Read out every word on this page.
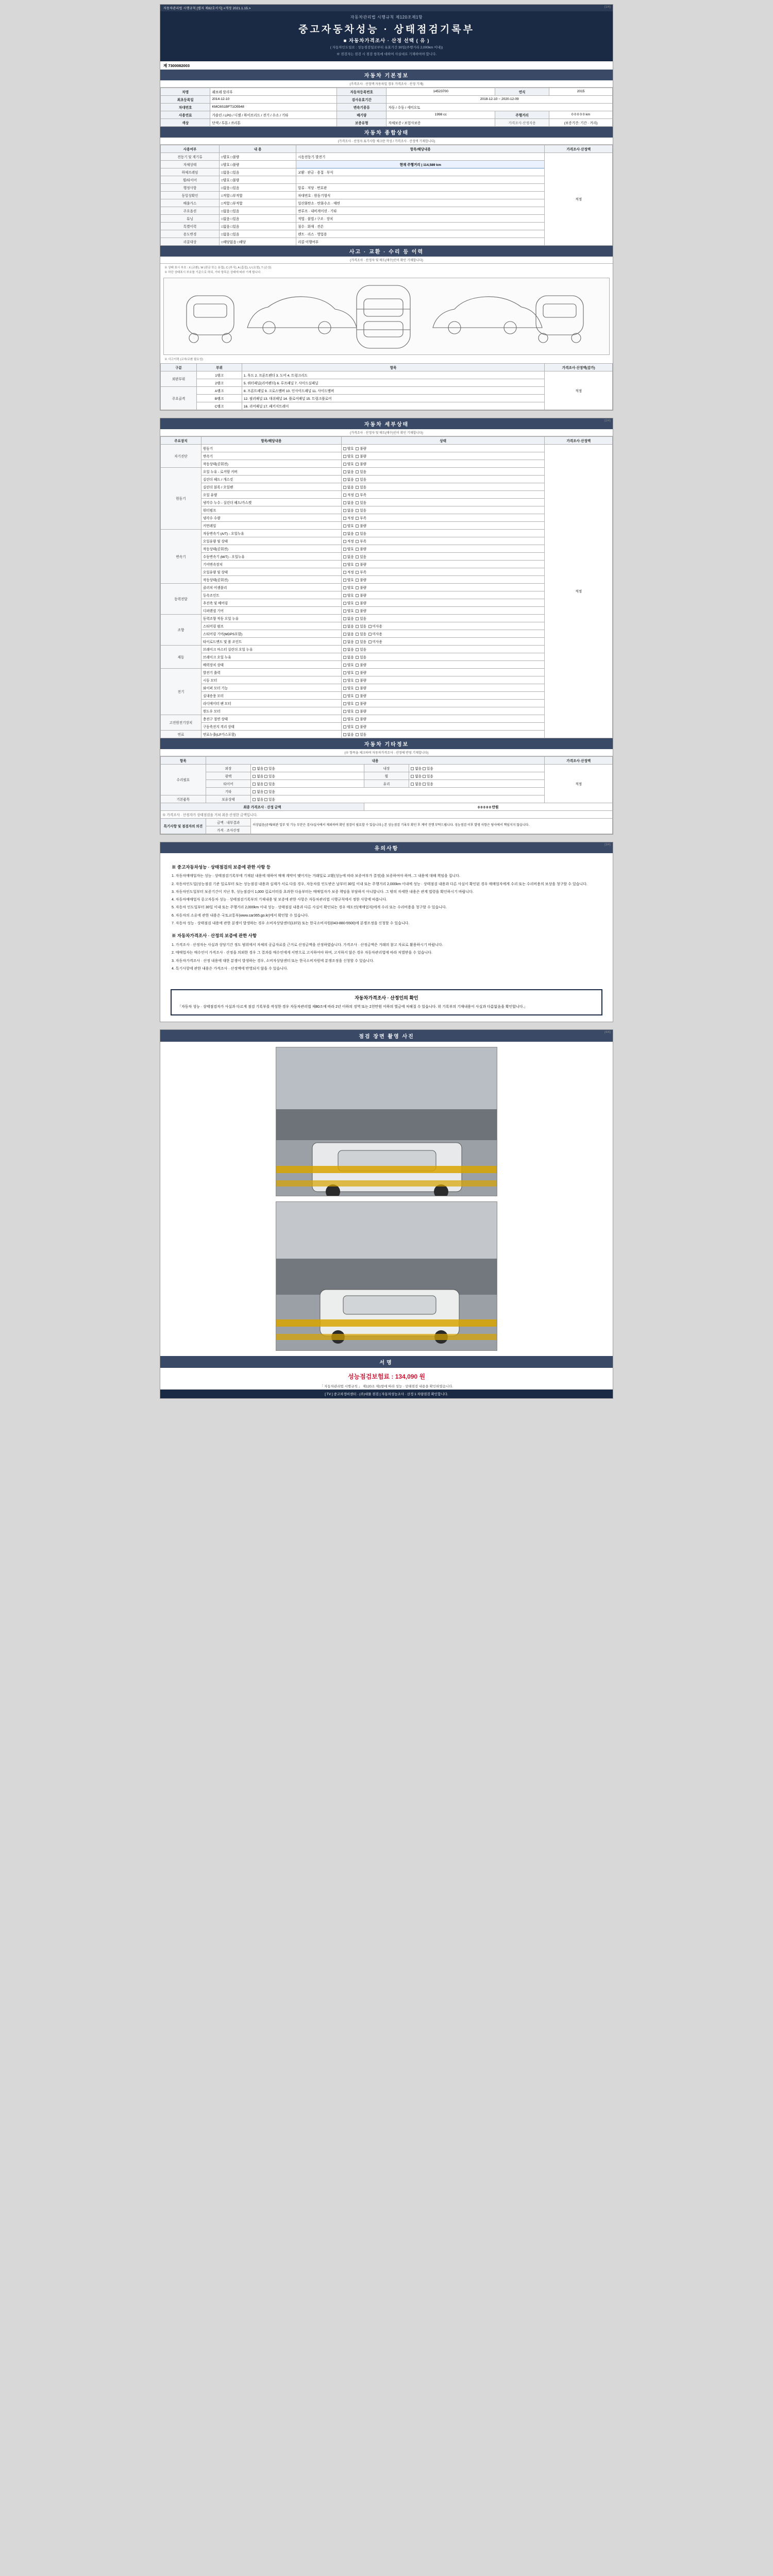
(1/4)
자동차관리법 시행규칙 [별지 제82호서식] <개정 2021.1.15.>
자동차관리법 시행규칙 제120조제1항
중고자동차성능 · 상태점검기록부
■ 자동차가격조사 · 산정 선택 ( 유 )
( 자동차인도일로 : 성능점검일로부터 유효기간 30일(주행거리 2,000km 이내))
※ 점검자는 점검 시 점검 항목에 대하여 사실대로 기재하여야 합니다.
제 7300082003
자동차 기본정보
(가격조사 · 산정액 자동차일 경우 가격조사 · 산정 기재)
차명	쉐보레 말리부	자동차등록번호	14523700	연식	2015
최초등록일	2014-12-10	검사유효기간	2018-12-10 ~ 2020-12-09		
차대번호	KMC6S1BFT1O5548	변속기종류	자동 / 수동 / 세미오토		
사용연료	가솔린 / LPG / 디젤 / 하이브리드 / 전기 / 수소 / 기타	배기량	1998 cc	주행거리	0 0 0 0 0 km
색상	단색 / 투톤 / 쓰리톤	보증유형	자체보증 / 보험사보증	가격조사·산정자용	(보증기간: 기간 · 거리)
자동차 종합상태
(가격조사 · 산정자 표기사항 체크란 작성 / 가격조사 · 산정액 기재합니다)
사용여부	내 용	항목/해당내용	가격조사·산정액
전동기 및 계기류	□양호 □불량	시동전동기·발전기	적정
자체상태	□양호 □불량	현재 주행거리 | 114,589 km	
하체프레임	□없음 □있음	교환 · 판금 · 용접 · 부식	
휠/타이어	□양호 □불량		
행정사항	□없음 □있음	압류 · 저당 · 번호판	
동일성확인	□적합 □부적합	차대번호 · 원동기형식	
배출가스	□적합 □부적합	일산화탄소 · 탄화수소 · 매연	
주요옵션	□없음 □있음	썬루프 · 내비게이션 · 기타	
튜닝	□없음 □있음	적법 · 불법 / 구조 · 장치	
특별이력	□없음 □있음	침수 · 화재 · 전손	
용도변경	□없음 □있음	렌트 · 리스 · 영업용	
리콜대상	□해당없음 □해당	리콜 이행여부	
사고 · 교환 · 수리 등 이력
(가격조사 · 산정자 및 매도(매수)인이 확인 기재합니다)
※ 상태 표시 부호 : X (교환), W (판금 또는 용접), C (부식), A (흠집), U (요철), T (손상)
※ 하단 상태표시 부호를 기준으로 하되, 기타 항목은 상태에 따라 기재 합니다.
※ 사고이력 (교차/교환 필요성)
구분	부위	항목	가격조사·산정액(감가)
외판부위	1랭크	1. 후드 2. 프론트펜더 3. 도어 4. 트렁크리드	적정
	2랭크	5. 쿼터패널(리어펜더) 6. 루프패널 7. 사이드실패널	
주요골격	A랭크	8. 프론트패널 9. 크로스멤버 10. 인사이드패널 11. 사이드멤버	
	B랭크	12. 필러패널 13. 대쉬패널 14. 플로어패널 15. 트렁크플로어	
	C랭크	16. 리어패널 17. 패키지트레이	
(2/4)
자동차 세부상태
(가격조사 · 산정자 및 매도(매수)인이 확인 기재합니다)
주요장치	항목/해당내용	상태	가격조사·산정액
자기진단	원동기	양호  불량	적정
	변속기	양호  불량	
	작동상태(공회전)	양호  불량	
원동기	오일 누유 - 로커암 커버	없음  있음	
	실린더 헤드 / 개스킷	없음  있음	
	실린더 블록 / 오일팬	없음  있음	
	오일 유량	적정  부족	
	냉각수 누수 - 실린더 헤드/가스켓	없음  있음	
	워터펌프	없음  있음	
	냉각수 수량	적정  부족	
	커먼레일	양호  불량	
변속기	자동변속기 (A/T) - 오일누유	없음  있음	
	오일유량 및 상태	적정  부족	
	작동상태(공회전)	양호  불량	
	수동변속기 (M/T) - 오일누유	없음  있음	
	기어변속장치	양호  불량	
	오일유량 및 상태	적정  부족	
	작동상태(공회전)	양호  불량	
동력전달	클러치 어셈블리	양호  불량	
	등속조인트	양호  불량	
	추진축 및 베어링	양호  불량	
	디퍼렌셜 기어	양호  불량	
조향	동력조향 작동 오일 누유	없음  있음	
	스티어링 펌프	없음  있음  미사용	
	스티어링 기어(MDPS포함)	없음  있음  미사용	
	타이로드엔드 및 볼 조인트	없음  있음  미사용	
제동	브레이크 마스터 실린더 오일 누유	없음  있음	
	브레이크 오일 누유	없음  있음	
	배력장치 상태	양호  불량	
전기	발전기 출력	양호  불량	
	시동 모터	양호  불량	
	와이퍼 모터 기능	양호  불량	
	실내송풍 모터	양호  불량	
	라디에이터 팬 모터	양호  불량	
	윈도우 모터	양호  불량	
고전원전기장치	충전구 절연 상태	양호  불량	
	구동축전지 격리 상태	양호  불량	
연료	연료누출(LP가스포함)	없음  있음	
자동차 기타정보
(※ 항목을 체크하며 자동차가격조사 · 산정에 반영 기재합니다)
항목	내용				가격조사·산정액
수리필요	외장	없음 있음	내장	없음 있음	적정
	광택	없음 있음	휠	없음 있음	
	타이어	없음 있음	유리	없음 있음	
	기타	없음 있음			
기본품목	보유상태	없음 있음			
최종 가격조사 · 산정 금액			0 0 0 0 0 만원		
※ 가격조사 · 산정자가 상태점검을 거쳐 최종 산정한 금액입니다.					
특기사항 및 점검자의 의견	금액 · 내부결과	이상없음(공매/외관 일부 및 기능 부분은 검사/실사에서 제외하며 확인 점검이 필요할 수 있습니다.) 본 성능점검 기록부 확인 후 계약 진행 부탁드립니다. 성능점검 이후 발생 사항은 당사에서 책임지지 않습니다.			
	가격 · 조사산정				
(3/4)
유의사항
※ 중고자동차성능 · 상태점검의 보증에 관한 사항 등

1. 자동차매매업자는 성능 · 상태점검기록부에 기재된 내용에 대하여 매매 계약이 맺어지는 거래일로 교환(성능에 따라 보증여부가 결정)을 보증하여야 하며, 그 내용에 대해 책임을 집니다.

2. 자동차인도일(성능점검 기준 일로부터 또는 성능점검 내용과 실제가 서로 다를 경우, 자동차를 인도받은 날부터 30일 이내 또는 주행거리 2,000km 이내에 성능 · 상태점검 내용과 다른 사실이 확인된 경우 매매업자에게 수리 또는 수리비용의 보상을 청구할 수 있습니다.

3. 자동차인도일부터 보증기간이 지난 후, 성능점검이 1,000 킬로미터를 초과한 다음부터는 매매업자가 보증 책임을 부담하지 아니합니다. 그 밖의 자세한 내용은 관계 법령을 확인하시기 바랍니다.

4. 자동차매매업자 중고자동차 성능 · 상태점검기록부의 기재내용 및 보증에 관한 사항은 자동차관리법 시행규칙에서 정한 사항에 따릅니다.

5. 자동차 인도일부터 30일 이내 또는 주행거리 2,000km 이내 성능 · 상태점검 내용과 다른 사실이 확인되는 경우 매도인(매매업자)에게 수리 또는 수리비용을 청구할 수 있습니다.

6. 자동차의 소유에 관한 내용은 국토교통부(www.car365.go.kr)에서 확인할 수 있습니다.

7. 자동차 성능 · 상태점검 내용에 관한 분쟁이 발생하는 경우 소비자상담센터(1372) 또는 한국소비자원(043-880-5500)에 분쟁조정을 신청할 수 있습니다.

※ 자동차가격조사 · 산정의 보증에 관한 사항

1. 가격조사 · 산정자는 사실과 상당기간 정도 범위에서 자체의 공급자료를 근거로 산정금액을 산정하였습니다. 가격조사 · 산정금액은 거래의 참고 자료로 활용하시기 바랍니다.

2. 매매업자는 매수인이 가격조사 · 산정을 의뢰한 경우 그 결과를 매수인에게 서면으로 고지하여야 하며, 고지하지 않은 경우 자동차관리법에 따라 처벌받을 수 있습니다.

3. 자동차가격조사 · 산정 내용에 대한 분쟁이 발생하는 경우, 소비자상담센터 또는 한국소비자원에 분쟁조정을 신청할 수 있습니다.

4. 특기사항에 관한 내용은 가격조사 · 산정액에 반영되지 않을 수 있습니다.

자동차가격조사 · 산정인의 확인
「자동차 성능 · 상태점검자가 사실과 다르게 점검 기록부를 작성한 경우 자동차관리법 제80조에 따라 2년 이하의 징역 또는 2천만원 이하의 벌금에 처해질 수 있습니다. 위 기록부의 기재내용이 사실과 다름없음을 확인합니다.」
(4/4)
점검 장면 촬영 사진
서명
성능점검보험료 : 134,090 원
「 자동차관리법 시행규칙 」 제120조 제1항에 따라 성능 · 상태점검 내용을 확인하였습니다.
[ TV ] 중고차정비센터 · (주)대물 점검 | 자동차성능조사 · 산정 1 차량점검 확인합니다.
